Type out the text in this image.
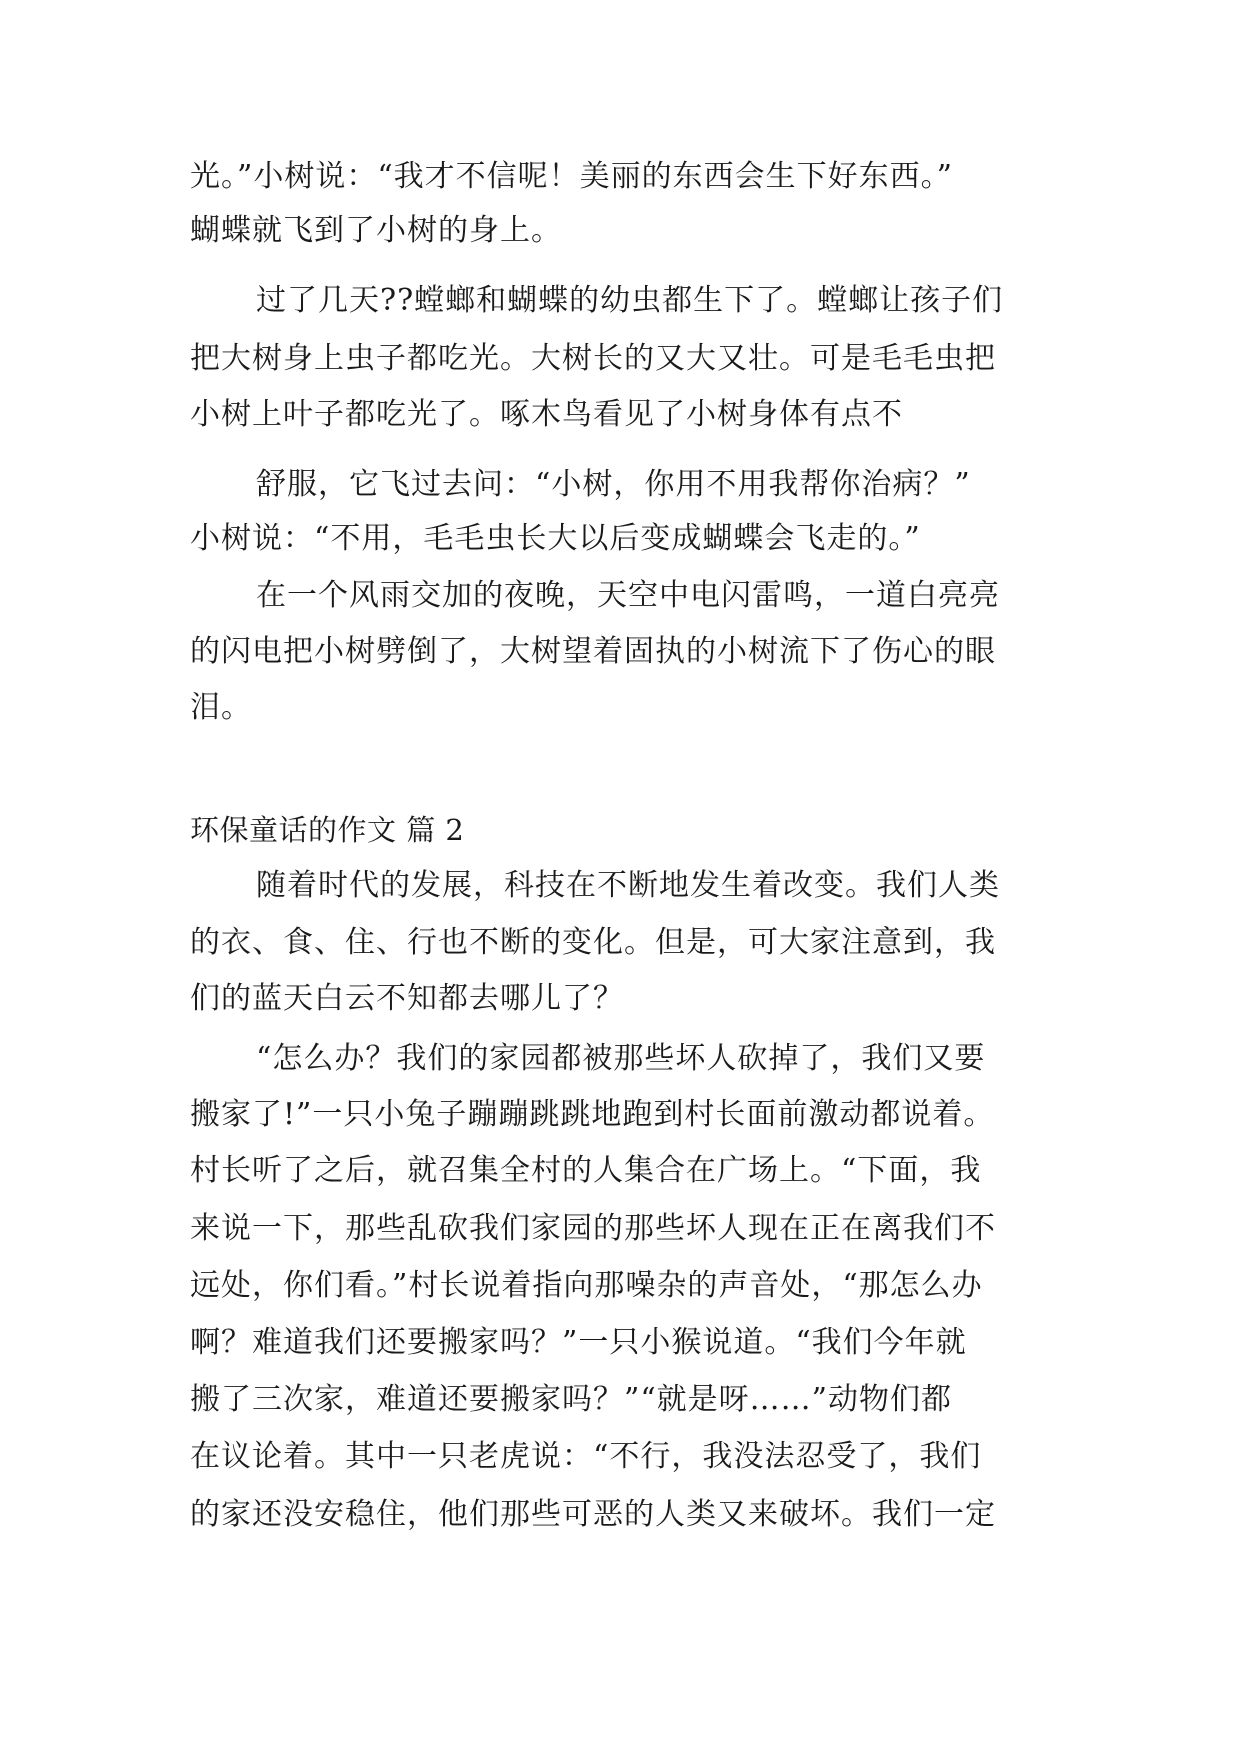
光。”小树说：“我才不信呢！美丽的东西会生下好东西。”
蝴蝶就飞到了小树的身上。
过了几天??螳螂和蝴蝶的幼虫都生下了。螳螂让孩子们
把大树身上虫子都吃光。大树长的又大又壮。可是毛毛虫把
小树上叶子都吃光了。啄木鸟看见了小树身体有点不
舒服，它飞过去问：“小树，你用不用我帮你治病？”
小树说：“不用，毛毛虫长大以后变成蝴蝶会飞走的。”
在一个风雨交加的夜晚，天空中电闪雷鸣，一道白亮亮
的闪电把小树劈倒了，大树望着固执的小树流下了伤心的眼
泪。
环保童话的作文 篇 2
随着时代的发展，科技在不断地发生着改变。我们人类
的衣、食、住、行也不断的变化。但是，可大家注意到，我
们的蓝天白云不知都去哪儿了？
“怎么办？我们的家园都被那些坏人砍掉了，我们又要
搬家了!”一只小兔子蹦蹦跳跳地跑到村长面前激动都说着。
村长听了之后，就召集全村的人集合在广场上。“下面，我
来说一下，那些乱砍我们家园的那些坏人现在正在离我们不
远处，你们看。”村长说着指向那噪杂的声音处，“那怎么办
啊？难道我们还要搬家吗？”一只小猴说道。“我们今年就
搬了三次家，难道还要搬家吗？”“就是呀……”动物们都
在议论着。其中一只老虎说：“不行，我没法忍受了，我们
的家还没安稳住，他们那些可恶的人类又来破坏。我们一定
